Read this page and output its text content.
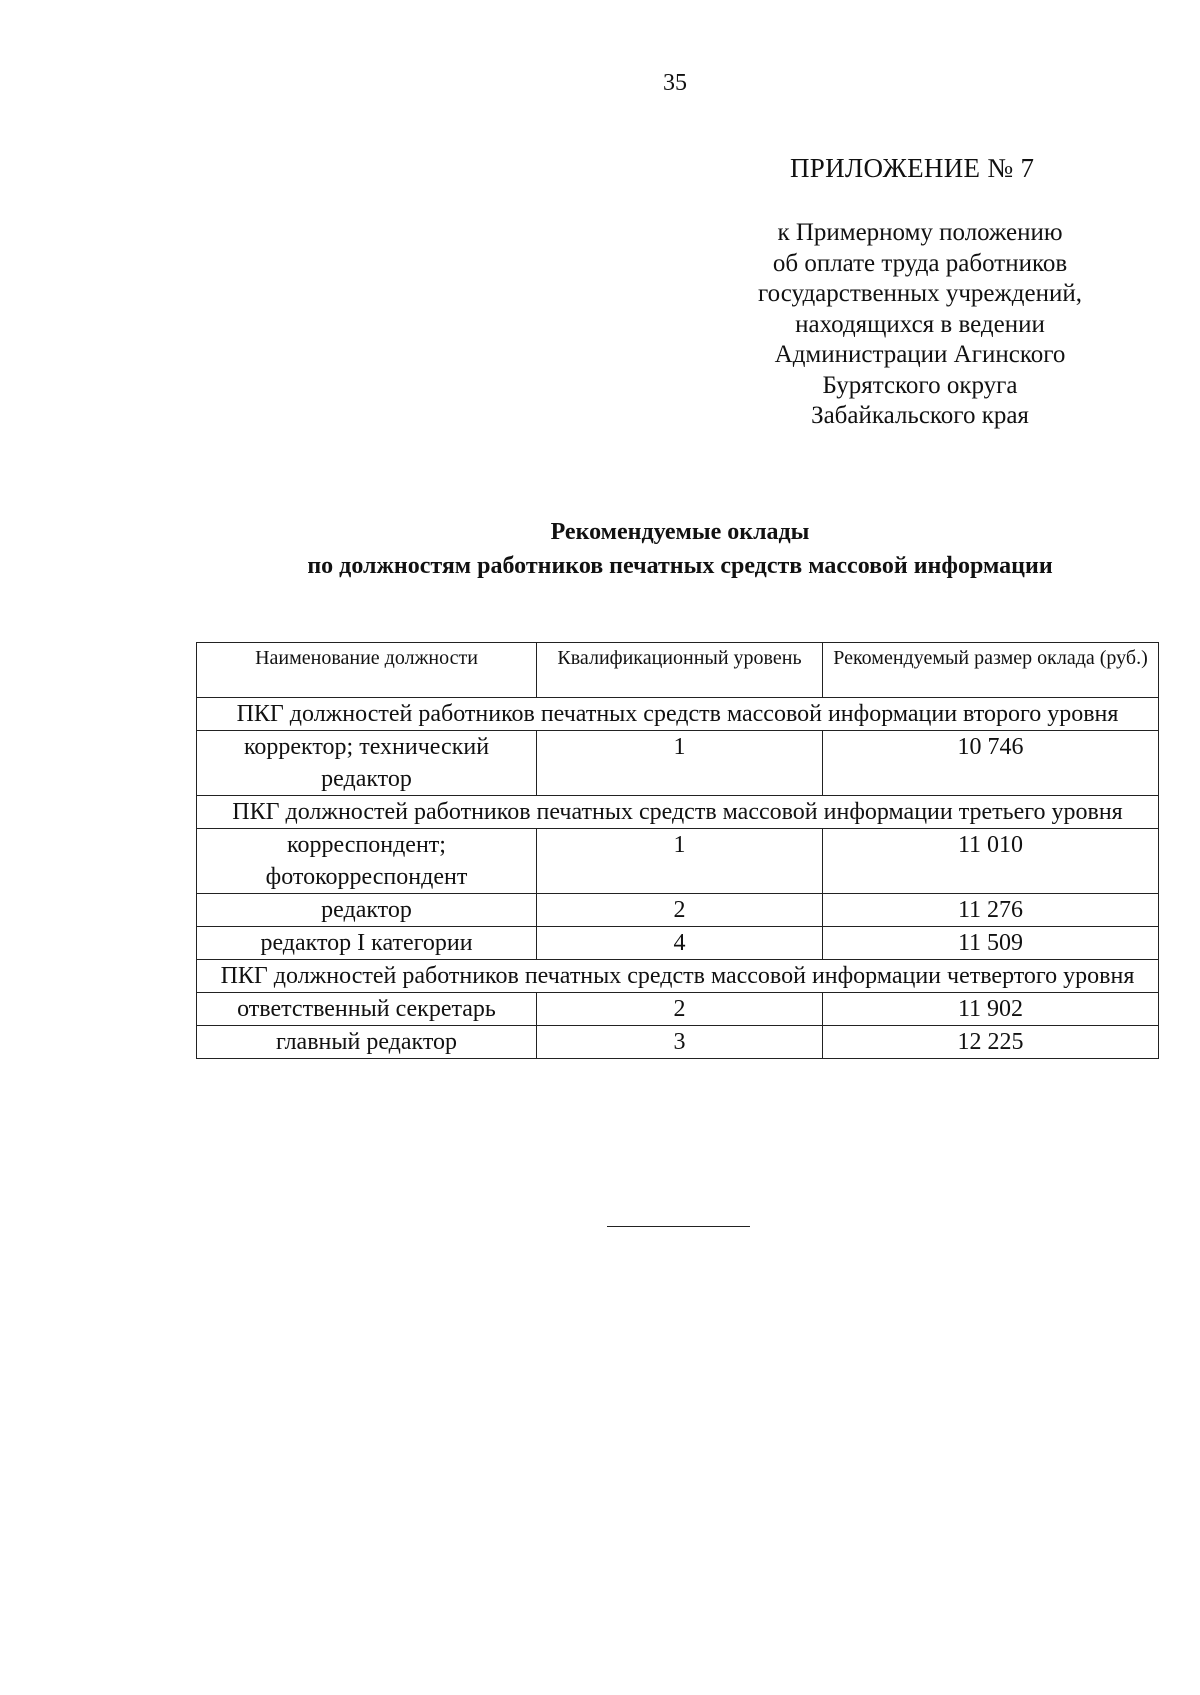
35
ПРИЛОЖЕНИЕ № 7
к Примерному положению
об оплате труда работников
государственных учреждений,
находящихся в ведении
Администрации Агинского
Бурятского округа
Забайкальского края
Рекомендуемые оклады
по должностям работников печатных средств массовой информации
Наименование должности	Квалификационный уровень	Рекомендуемый размер оклада (руб.)
ПКГ должностей работников печатных средств массовой информации второго уровня		
корректор; технический редактор	1	10 746
ПКГ должностей работников печатных средств массовой информации третьего уровня		
корреспондент; фотокорреспондент	1	11 010
редактор	2	11 276
редактор I категории	4	11 509
ПКГ должностей работников печатных средств массовой информации четвертого уровня		
ответственный секретарь	2	11 902
главный редактор	3	12 225
